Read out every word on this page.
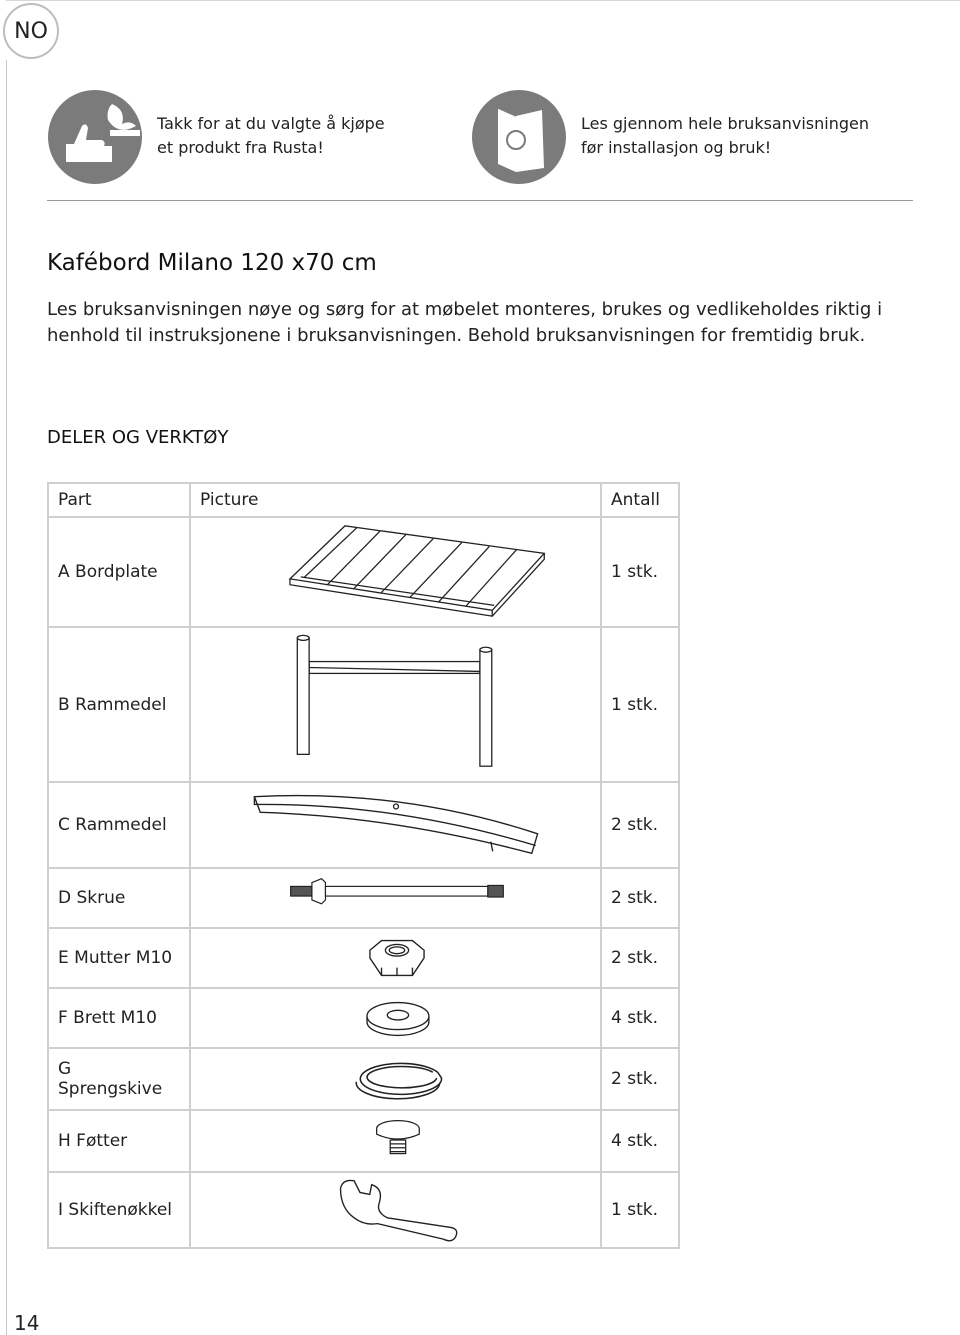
NO
Takk for at du valgte å kjøpe
et produkt fra Rusta!
Les gjennom hele bruksanvisningen
før installasjon og bruk!
Kafébord Milano 120 x70 cm

Les bruksanvisningen nøye og sørg for at møbelet monteres, brukes og vedlikeholdes riktig i henhold til instruksjonene i bruksanvisningen. Behold bruksanvisningen for fremtidig bruk.

DELER OG VERKTØY
Part	Picture	Antall
A Bordplate		1 stk.
B Rammedel		1 stk.
C Rammedel		2 stk.
D Skrue		2 stk.
E Mutter M10		2 stk.
F Brett M10		4 stk.
G Sprengskive		2 stk.
H Føtter		4 stk.
I Skiftenøkkel		1 stk.
14
